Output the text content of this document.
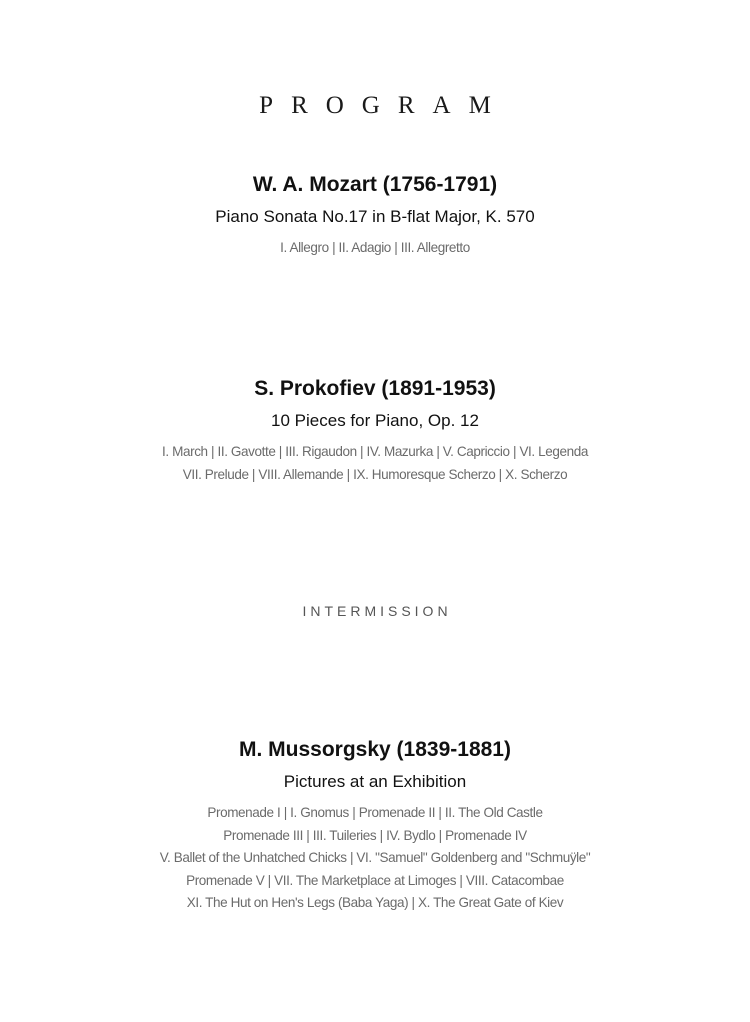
PROGRAM
W. A. Mozart (1756-1791)
Piano Sonata No.17 in B-flat Major, K. 570
I. Allegro | II. Adagio | III. Allegretto
S. Prokofiev (1891-1953)
10 Pieces for Piano, Op. 12
I. March | II. Gavotte | III. Rigaudon | IV. Mazurka | V. Capriccio | VI. Legenda
VII. Prelude | VIII. Allemande | IX. Humoresque Scherzo | X. Scherzo
INTERMISSION
M. Mussorgsky (1839-1881)
Pictures at an Exhibition
Promenade I | I. Gnomus | Promenade II | II. The Old Castle
Promenade III | III. Tuileries | IV. Bydlo | Promenade IV
V. Ballet of the Unhatched Chicks | VI. "Samuel" Goldenberg and "Schmuÿle"
Promenade V | VII. The Marketplace at Limoges | VIII. Catacombae
XI. The Hut on Hen's Legs (Baba Yaga) | X. The Great Gate of Kiev
